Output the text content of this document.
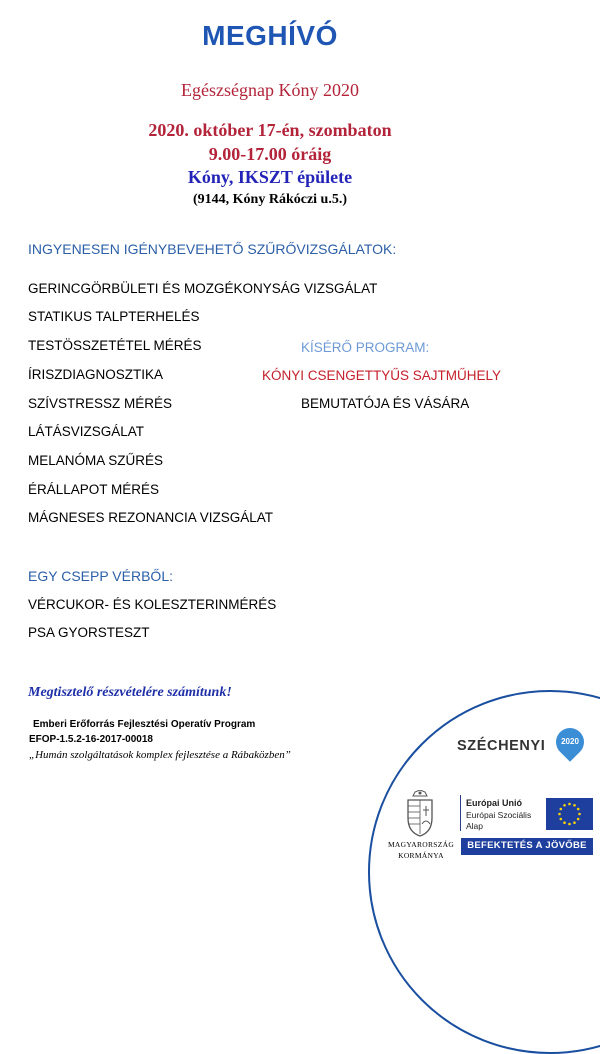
MEGHÍVÓ
Egészségnap Kóny 2020
2020. október 17-én, szombaton
9.00-17.00 óráig
Kóny, IKSZT épülete
(9144, Kóny Rákóczi u.5.)
INGYENESEN IGÉNYBEVEHETŐ SZŰRŐVIZSGÁLATOK:
GERINCGÖRBÜLETI ÉS MOZGÉKONYSÁG VIZSGÁLAT
STATIKUS TALPTERHELÉS
TESTÖSSZETÉTEL MÉRÉS
ÍRISZDIAGNOSZTIKA
SZÍVSTRESSZ MÉRÉS
LÁTÁSVIZSGÁLAT
MELANÓMA SZŰRÉS
ÉRÁLLAPOT MÉRÉS
MÁGNESES REZONANCIA VIZSGÁLAT
KÍSÉRŐ PROGRAM:
KÓNYI CSENGETTYŰS SAJTMŰHELY
BEMUTATÓJA ÉS VÁSÁRA
EGY CSEPP VÉRBŐL:
VÉRCUKOR- ÉS KOLESZTERINMÉRÉS
PSA GYORSTESZT
Megtisztelő részvételére számítunk!
Emberi Erőforrás Fejlesztési Operatív Program
EFOP-1.5.2-16-2017-00018
„Humán szolgáltatások komplex fejlesztése a Rábaközben”
SZÉCHENYI	2020
MAGYARORSZÁG
KORMÁNYA
Európai Unió
Európai Szociális
Alap
BEFEKTETÉS A JÖVŐBE
